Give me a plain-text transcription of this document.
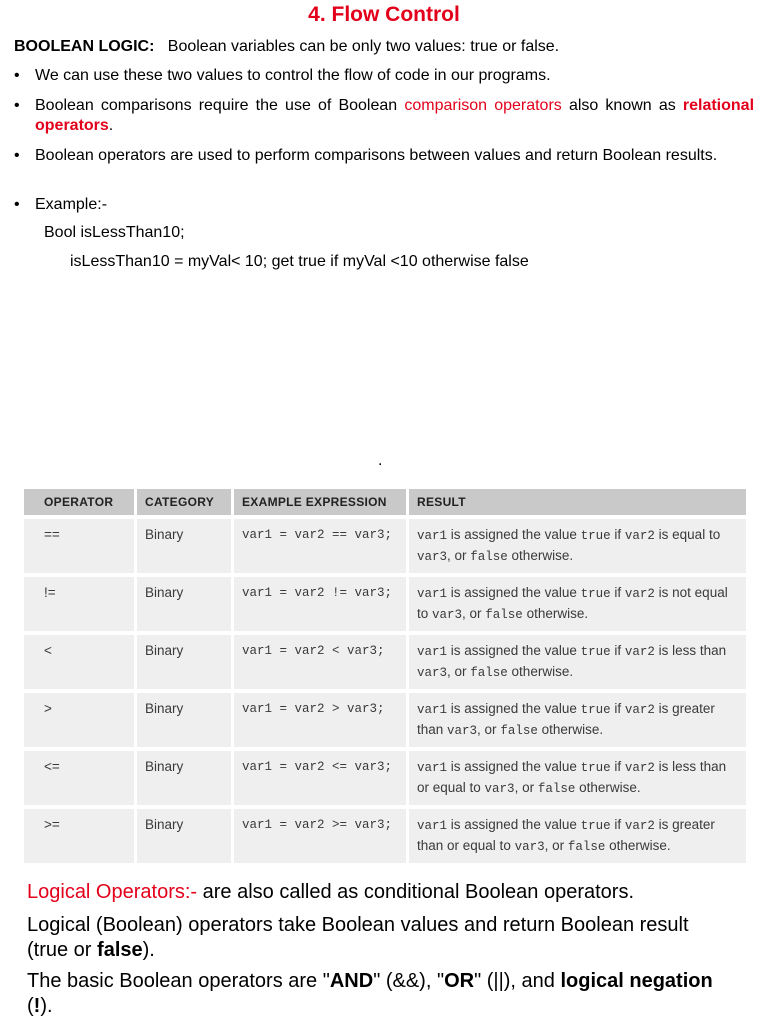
4. Flow Control
BOOLEAN LOGIC: Boolean variables can be only two values: true or false.
• We can use these two values to control the flow of code in our programs.
• Boolean comparisons require the use of Boolean comparison operators also known as relational operators.
• Boolean operators are used to perform comparisons between values and return Boolean results.
• Example:-
Bool isLessThan10;
isLessThan10 = myVal< 10; get true if myVal <10 otherwise false
.
OPERATOR	CATEGORY	EXAMPLE EXPRESSION	RESULT
==	Binary	var1 = var2 == var3;	var1 is assigned the value true if var2 is equal to var3, or false otherwise.
!=	Binary	var1 = var2 != var3;	var1 is assigned the value true if var2 is not equal to var3, or false otherwise.
<	Binary	var1 = var2 < var3;	var1 is assigned the value true if var2 is less than var3, or false otherwise.
>	Binary	var1 = var2 > var3;	var1 is assigned the value true if var2 is greater than var3, or false otherwise.
<=	Binary	var1 = var2 <= var3;	var1 is assigned the value true if var2 is less than or equal to var3, or false otherwise.
>=	Binary	var1 = var2 >= var3;	var1 is assigned the value true if var2 is greater than or equal to var3, or false otherwise.
Logical Operators:- are also called as conditional Boolean operators.
Logical (Boolean) operators take Boolean values and return Boolean result (true or false).
The basic Boolean operators are "AND" (&&), "OR" (||), and logical negation (!).
